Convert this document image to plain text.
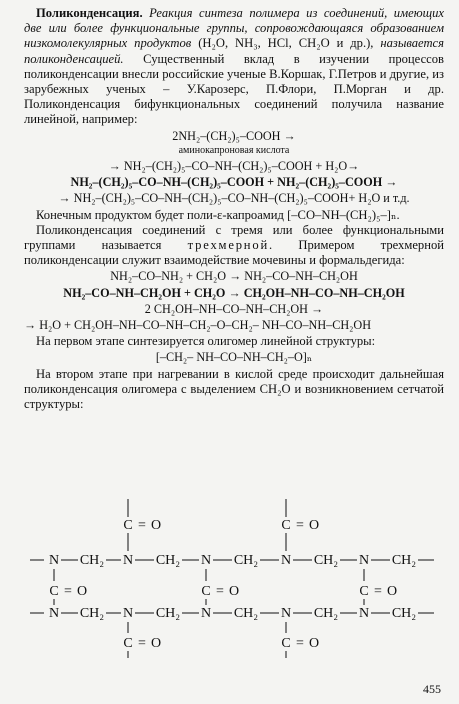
Поликонденсация. Реакция синтеза полимера из соединений, имеющих две или более функциональные группы, сопровождающаяся образованием низкомолекулярных продуктов (H₂O, NH₃, HCl, CH₂O и др.), называется поликонденсацией. Существенный вклад в изучении процессов поликонденсации внесли российские ученые В.Коршак, Г.Петров и другие, из зарубежных ученых – У.Карозерс, П.Флори, П.Морган и др. Поликонденсация бифункциональных соединений получила название линейной, например:

2NH₂–(CH₂)₅–COOH →
аминокапроновая кислота
→ NH₂–(CH₂)₅–CO–NH–(CH₂)₅–COOH + H₂O→
NH₂–(CH₂)₅–CO–NH–(CH₂)₅–COOH + NH₂–(CH₂)₅–COOH →
→ NH₂–(CH₂)₅–CO–NH–(CH₂)₅–CO–NH–(CH₂)₅–COOH+ H₂O и т.д.

Конечным продуктом будет поли-ε-капроамид [–CO–NH–(CH₂)₅–]ₙ.

Поликонденсация соединений с тремя или более функциональными группами называется трехмерной. Примером трехмерной поликонденсации служит взаимодействие мочевины и формальдегида:

NH₂–CO–NH₂ + CH₂O → NH₂–CO–NH–CH₂OH
NH₂–CO–NH–CH₂OH + CH₂O → CH₂OH–NH–CO–NH–CH₂OH
2 CH₂OH–NH–CO–NH–CH₂OH →
→ H₂O + CH₂OH–NH–CO–NH–CH₂–O–CH₂– NH–CO–NH–CH₂OH

На первом этапе синтезируется олигомер линейной структуры:

[–CH₂– NH–CO–NH–CH₂–O]ₙ

На втором этапе при нагревании в кислой среде происходит дальнейшая поликонденсация олигомера с выделением CH₂O и возникновением сетчатой структуры:

N CH₂ N CH₂ N CH₂ N CH₂ N CH₂
N CH₂ N CH₂ N CH₂ N CH₂ N CH₂
C = O	C = O
C = O	C = O	C = O
C = O	C = O
455
